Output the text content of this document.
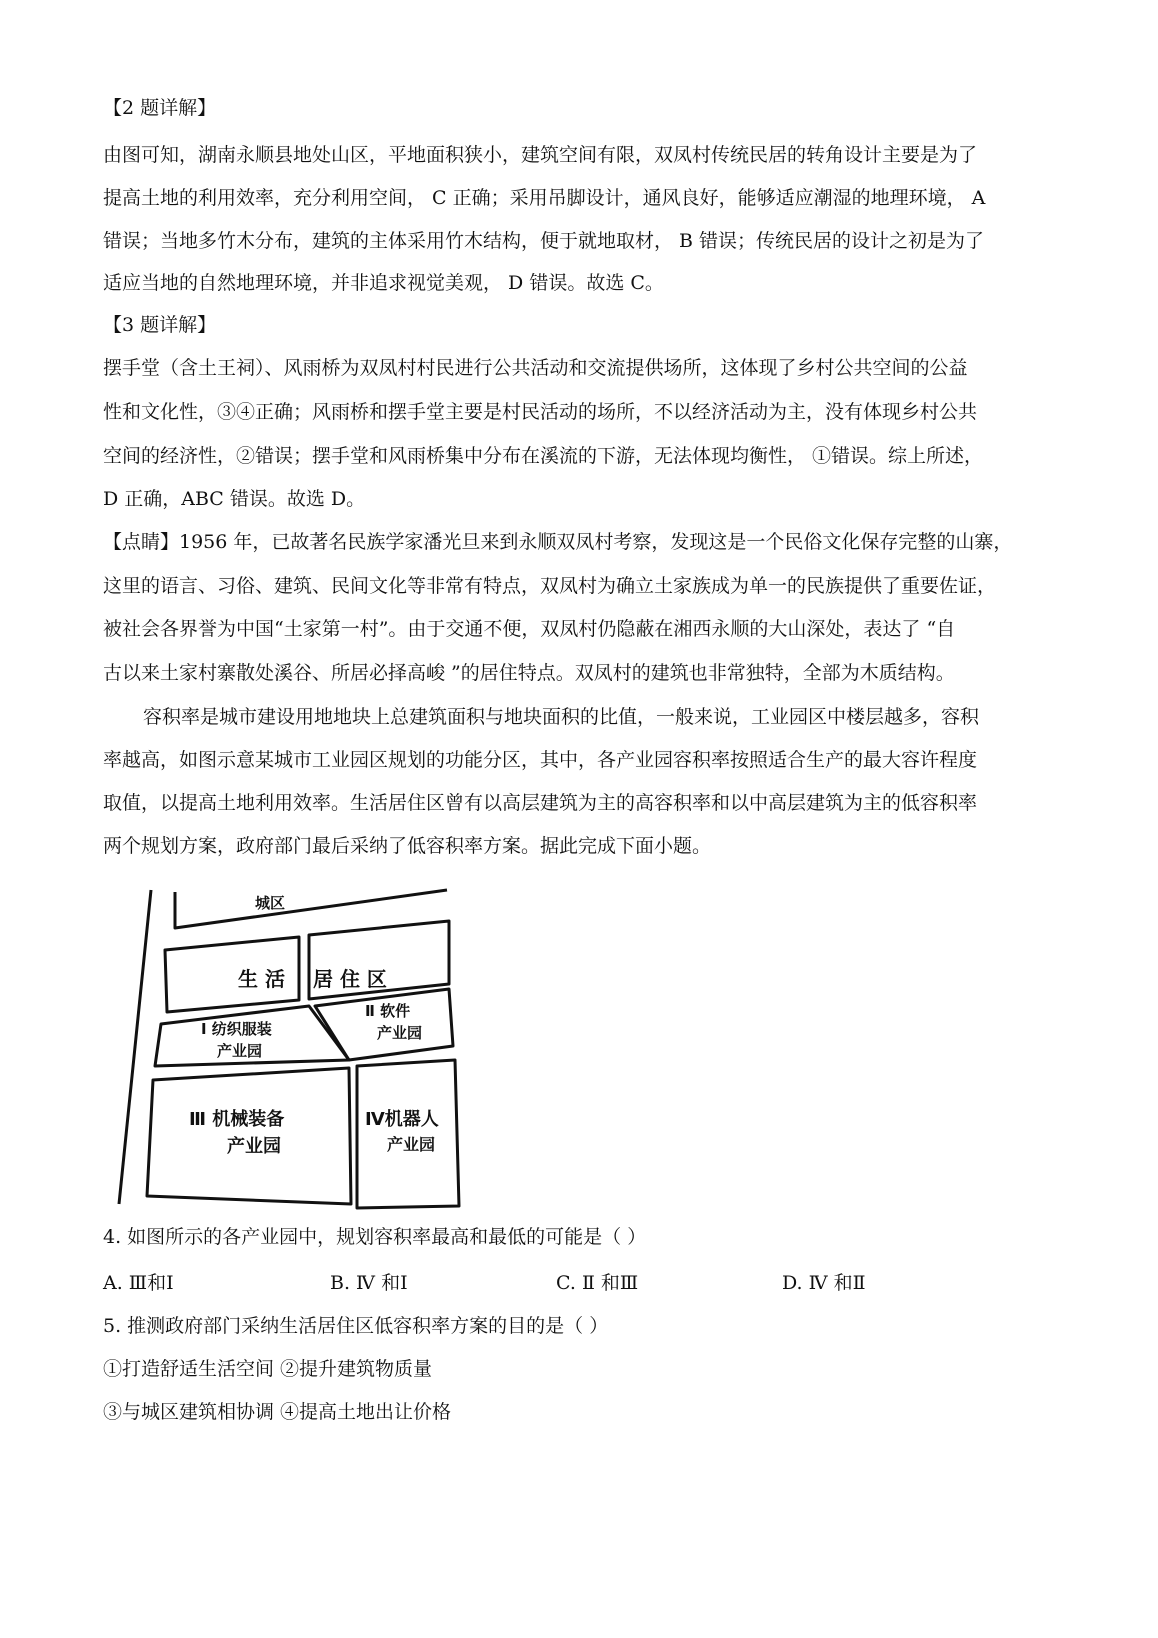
【2 题详解】
由图可知，湖南永顺县地处山区，平地面积狭小，建筑空间有限，双凤村传统民居的转角设计主要是为了
提高土地的利用效率，充分利用空间， C 正确；采用吊脚设计，通风良好，能够适应潮湿的地理环境， A
错误；当地多竹木分布，建筑的主体采用竹木结构，便于就地取材， B 错误；传统民居的设计之初是为了
适应当地的自然地理环境，并非追求视觉美观， D 错误。故选 C。
【3 题详解】
摆手堂（含土王祠）、风雨桥为双凤村村民进行公共活动和交流提供场所，这体现了乡村公共空间的公益
性和文化性，③④正确；风雨桥和摆手堂主要是村民活动的场所，不以经济活动为主，没有体现乡村公共
空间的经济性，②错误；摆手堂和风雨桥集中分布在溪流的下游，无法体现均衡性， ①错误。综上所述，
D 正确，ABC 错误。故选 D。
【点睛】1956 年，已故著名民族学家潘光旦来到永顺双凤村考察，发现这是一个民俗文化保存完整的山寨，
这里的语言、习俗、建筑、民间文化等非常有特点，双凤村为确立土家族成为单一的民族提供了重要佐证，
被社会各界誉为中国“土家第一村”。由于交通不便，双凤村仍隐蔽在湘西永顺的大山深处，表达了 “自
古以来土家村寨散处溪谷、所居必择高峻 ”的居住特点。双凤村的建筑也非常独特，全部为木质结构。
容积率是城市建设用地地块上总建筑面积与地块面积的比值，一般来说，工业园区中楼层越多，容积
率越高，如图示意某城市工业园区规划的功能分区，其中，各产业园容积率按照适合生产的最大容许程度
取值，以提高土地利用效率。生活居住区曾有以高层建筑为主的高容积率和以中高层建筑为主的低容积率
两个规划方案，政府部门最后采纳了低容积率方案。据此完成下面小题。
城区
生 活 居 住 区
Ⅰ 纺织服装
产业园
Ⅱ 软件
产业园
Ⅲ 机械装备
产业园
Ⅳ机器人
产业园
4. 如图所示的各产业园中，规划容积率最高和最低的可能是（ ）
A. Ⅲ和Ⅰ	B. Ⅳ 和Ⅰ	C. Ⅱ 和Ⅲ	D. Ⅳ 和Ⅱ
5. 推测政府部门采纳生活居住区低容积率方案的目的是（ ）
①打造舒适生活空间 ②提升建筑物质量
③与城区建筑相协调 ④提高土地出让价格
